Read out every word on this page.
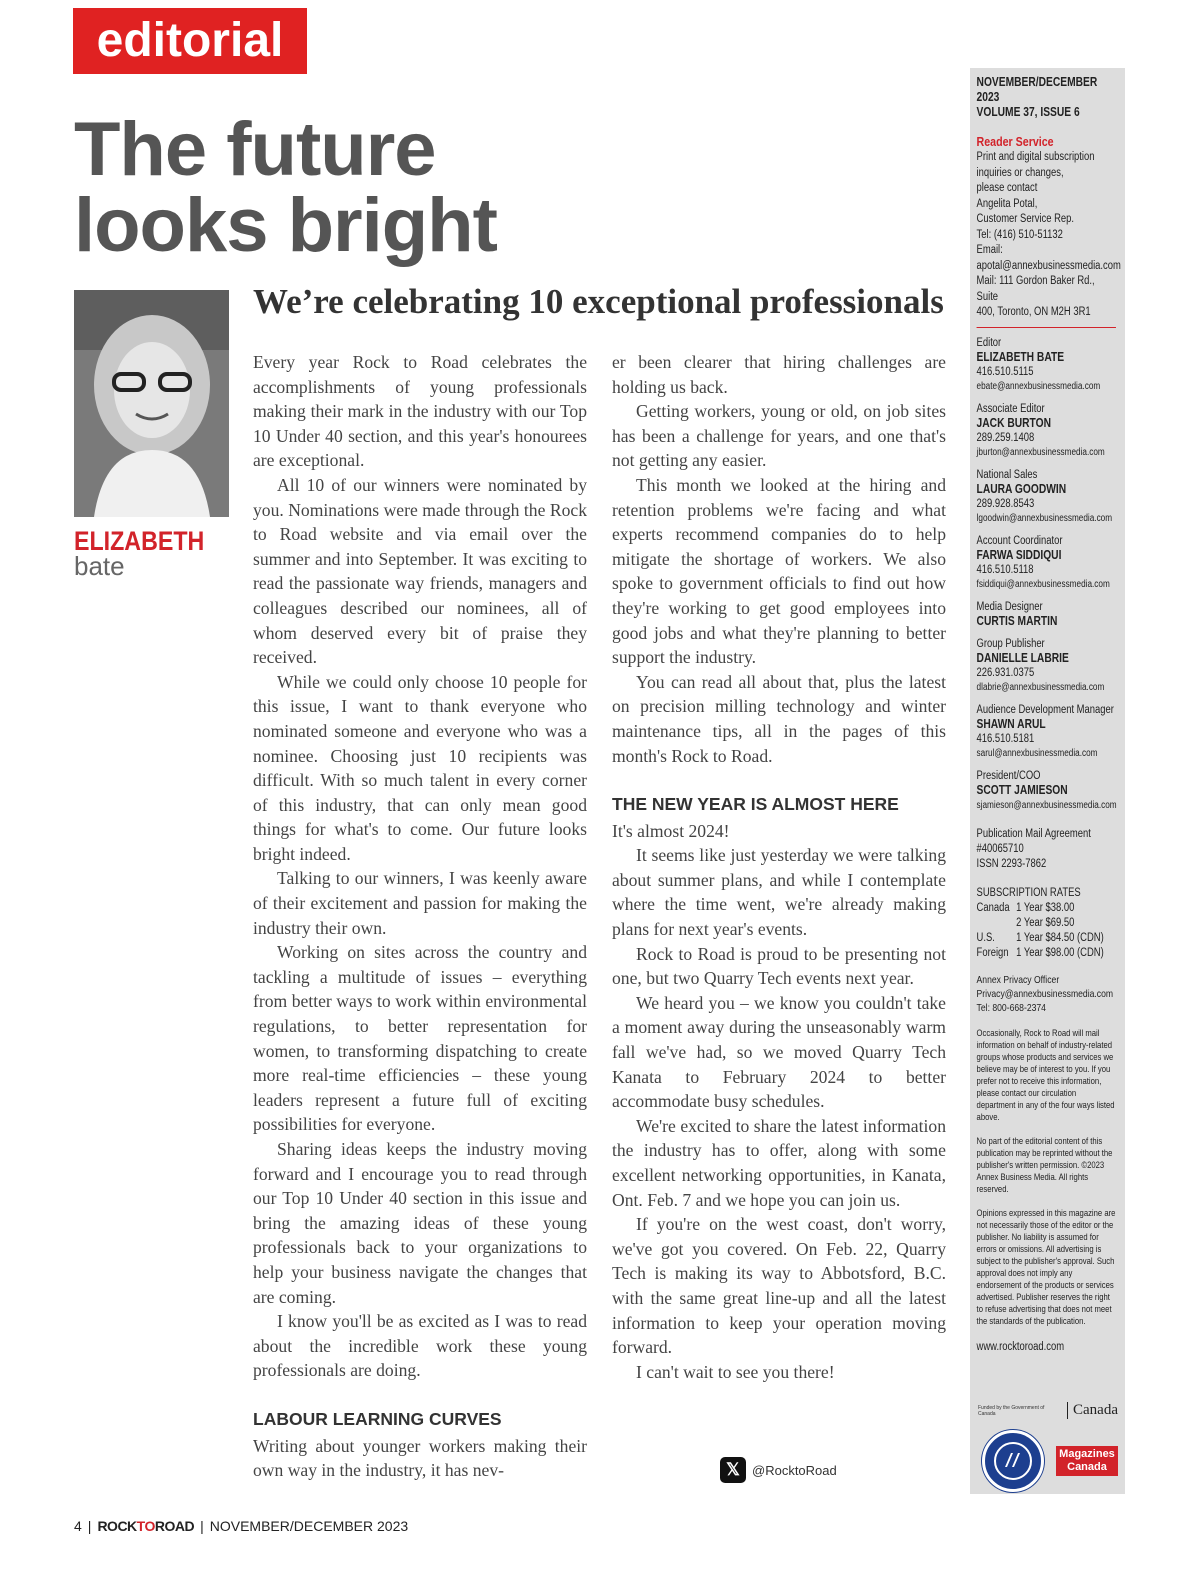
editorial
The future
looks bright
ELIZABETH
bate
We’re celebrating 10 exceptional professionals

Every year Rock to Road celebrates the accomplishments of young professionals making their mark in the industry with our Top 10 Under 40 section, and this year's honourees are exceptional.

All 10 of our winners were nominated by you. Nominations were made through the Rock to Road website and via email over the summer and into September. It was exciting to read the passionate way friends, managers and colleagues described our nominees, all of whom deserved every bit of praise they received.

While we could only choose 10 people for this issue, I want to thank everyone who nominated someone and everyone who was a nominee. Choosing just 10 recipients was difficult. With so much talent in every corner of this industry, that can only mean good things for what's to come. Our future looks bright indeed.

Talking to our winners, I was keenly aware of their excitement and passion for making the industry their own.

Working on sites across the country and tackling a multitude of issues – everything from better ways to work within environmental regulations, to better representation for women, to transforming dispatching to create more real-time efficiencies – these young leaders represent a future full of exciting possibilities for everyone.

Sharing ideas keeps the industry moving forward and I encourage you to read through our Top 10 Under 40 section in this issue and bring the amazing ideas of these young professionals back to your organizations to help your business navigate the changes that are coming.

I know you'll be as excited as I was to read about the incredible work these young professionals are doing.

LABOUR LEARNING CURVES

Writing about younger workers making their own way in the industry, it has nev-

er been clearer that hiring challenges are holding us back.

Getting workers, young or old, on job sites has been a challenge for years, and one that's not getting any easier.

This month we looked at the hiring and retention problems we're facing and what experts recommend companies do to help mitigate the shortage of workers. We also spoke to government officials to find out how they're working to get good employees into good jobs and what they're planning to better support the industry.

You can read all about that, plus the latest on precision milling technology and winter maintenance tips, all in the pages of this month's Rock to Road.

THE NEW YEAR IS ALMOST HERE

It's almost 2024!

It seems like just yesterday we were talking about summer plans, and while I contemplate where the time went, we're already making plans for next year's events.

Rock to Road is proud to be presenting not one, but two Quarry Tech events next year.

We heard you – we know you couldn't take a moment away during the unseasonably warm fall we've had, so we moved Quarry Tech Kanata to February 2024 to better accommodate busy schedules.

We're excited to share the latest information the industry has to offer, along with some excellent networking opportunities, in Kanata, Ont. Feb. 7 and we hope you can join us.

If you're on the west coast, don't worry, we've got you covered. On Feb. 22, Quarry Tech is making its way to Abbotsford, B.C. with the same great line-up and all the latest information to keep your operation moving forward.

I can't wait to see you there!

𝕏 @RocktoRoad
NOVEMBER/DECEMBER 2023
VOLUME 37, ISSUE 6
Reader Service
Print and digital subscription
inquiries or changes,
please contact
Angelita Potal,
Customer Service Rep.
Tel: (416) 510-51132
Email:
apotal@annexbusinessmedia.com
Mail: 111 Gordon Baker Rd., Suite
400, Toronto, ON M2H 3R1
Editor
ELIZABETH BATE
416.510.5115
ebate@annexbusinessmedia.com
Associate Editor
JACK BURTON
289.259.1408
jburton@annexbusinessmedia.com
National Sales
LAURA GOODWIN
289.928.8543
lgoodwin@annexbusinessmedia.com
Account Coordinator
FARWA SIDDIQUI
416.510.5118
fsiddiqui@annexbusinessmedia.com
Media Designer
CURTIS MARTIN
Group Publisher
DANIELLE LABRIE
226.931.0375
dlabrie@annexbusinessmedia.com
Audience Development Manager
SHAWN ARUL
416.510.5181
sarul@annexbusinessmedia.com
President/COO
SCOTT JAMIESON
sjamieson@annexbusinessmedia.com
Publication Mail Agreement
#40065710
ISSN 2293-7862
SUBSCRIPTION RATES
Canada	1 Year $38.00
	2 Year $69.50
U.S.	1 Year $84.50 (CDN)
Foreign	1 Year $98.00 (CDN)
Annex Privacy Officer
Privacy@annexbusinessmedia.com
Tel: 800-668-2374
Occasionally, Rock to Road will mail information on behalf of industry-related groups whose products and services we believe may be of interest to you. If you prefer not to receive this information, please contact our circulation department in any of the four ways listed above.
No part of the editorial content of this publication may be reprinted without the publisher's written permission. ©2023 Annex Business Media. All rights reserved.
Opinions expressed in this magazine are not necessarily those of the editor or the publisher. No liability is assumed for errors or omissions. All advertising is subject to the publisher's approval. Such approval does not imply any endorsement of the products or services advertised. Publisher reserves the right to refuse advertising that does not meet the standards of the publication.
www.rocktoroad.com
Funded by the Government of Canada	Canada
Magazines
Canada
4 | ROCKTOROAD | NOVEMBER/DECEMBER 2023
